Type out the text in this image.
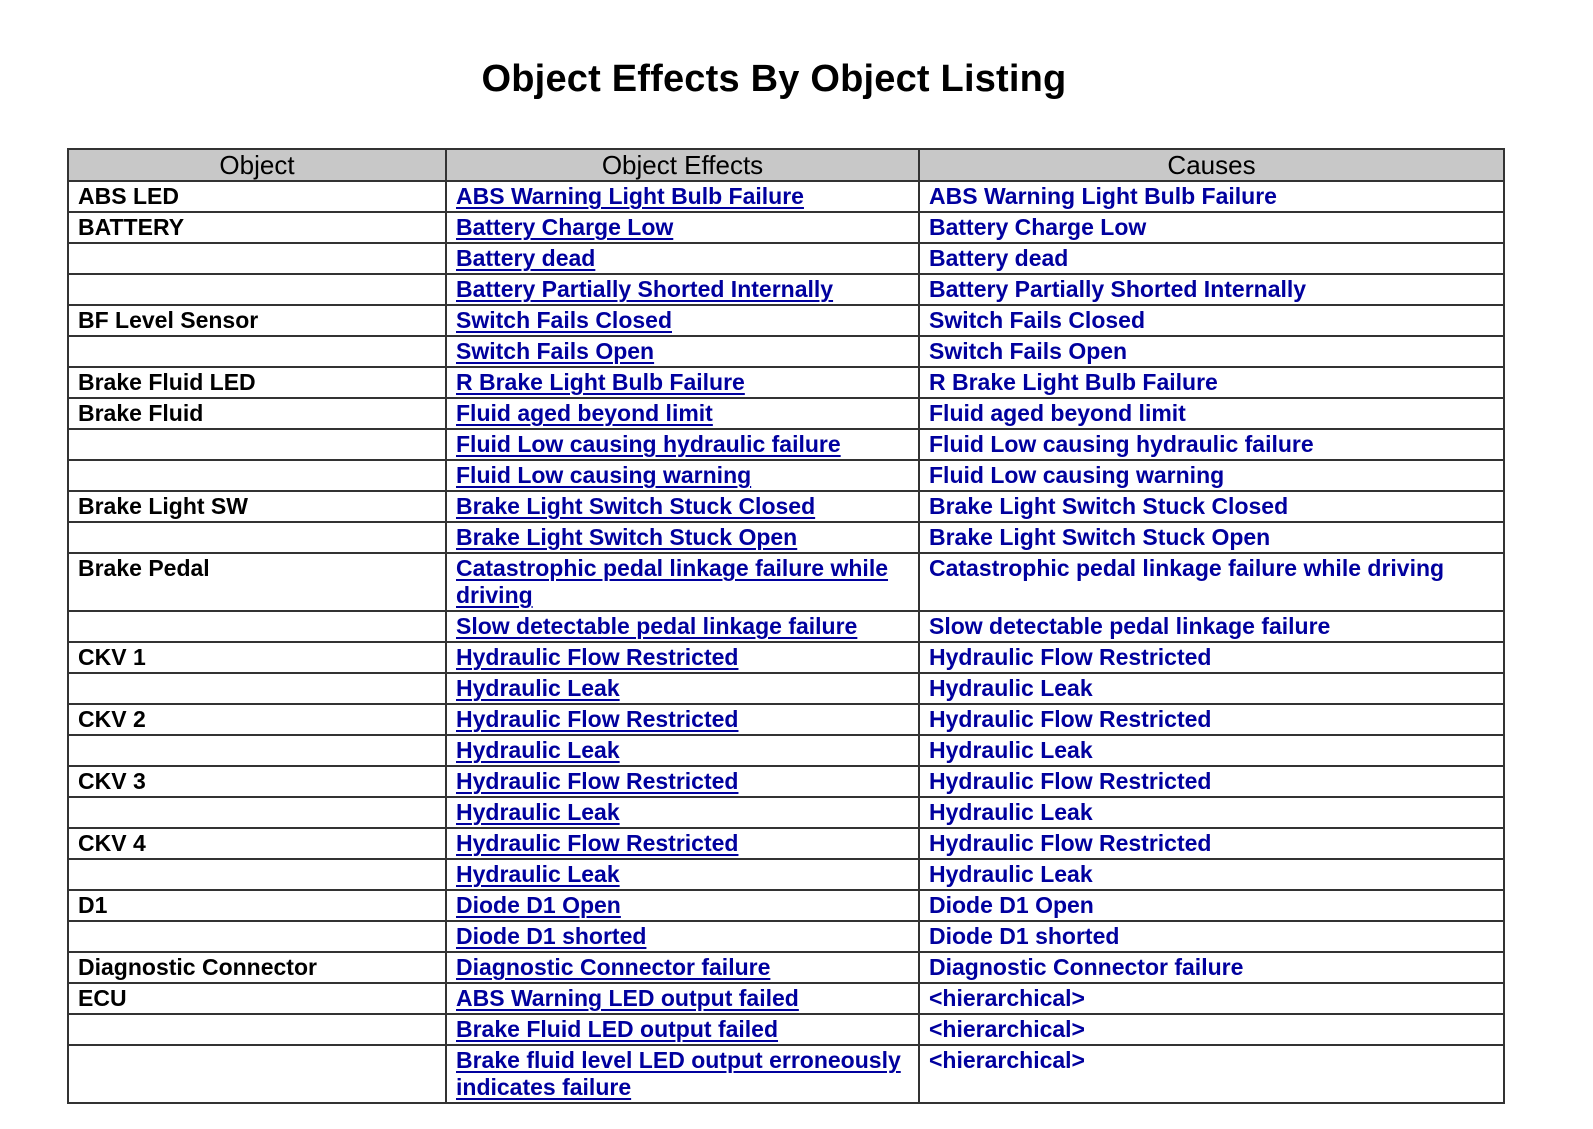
Object Effects By Object Listing
Object	Object Effects	Causes
ABS LED	ABS Warning Light Bulb Failure	ABS Warning Light Bulb Failure
BATTERY	Battery Charge Low	Battery Charge Low
	Battery dead	Battery dead
	Battery Partially Shorted Internally	Battery Partially Shorted Internally
BF Level Sensor	Switch Fails Closed	Switch Fails Closed
	Switch Fails Open	Switch Fails Open
Brake Fluid LED	R Brake Light Bulb Failure	R Brake Light Bulb Failure
Brake Fluid	Fluid aged beyond limit	Fluid aged beyond limit
	Fluid Low causing hydraulic failure	Fluid Low causing hydraulic failure
	Fluid Low causing warning	Fluid Low causing warning
Brake Light SW	Brake Light Switch Stuck Closed	Brake Light Switch Stuck Closed
	Brake Light Switch Stuck Open	Brake Light Switch Stuck Open
Brake Pedal	Catastrophic pedal linkage failure while driving	Catastrophic pedal linkage failure while driving
	Slow detectable pedal linkage failure	Slow detectable pedal linkage failure
CKV 1	Hydraulic Flow Restricted	Hydraulic Flow Restricted
	Hydraulic Leak	Hydraulic Leak
CKV 2	Hydraulic Flow Restricted	Hydraulic Flow Restricted
	Hydraulic Leak	Hydraulic Leak
CKV 3	Hydraulic Flow Restricted	Hydraulic Flow Restricted
	Hydraulic Leak	Hydraulic Leak
CKV 4	Hydraulic Flow Restricted	Hydraulic Flow Restricted
	Hydraulic Leak	Hydraulic Leak
D1	Diode D1 Open	Diode D1 Open
	Diode D1 shorted	Diode D1 shorted
Diagnostic Connector	Diagnostic Connector failure	Diagnostic Connector failure
ECU	ABS Warning LED output failed	<hierarchical>
	Brake Fluid LED output failed	<hierarchical>
	Brake fluid level LED output erroneously indicates failure	<hierarchical>
